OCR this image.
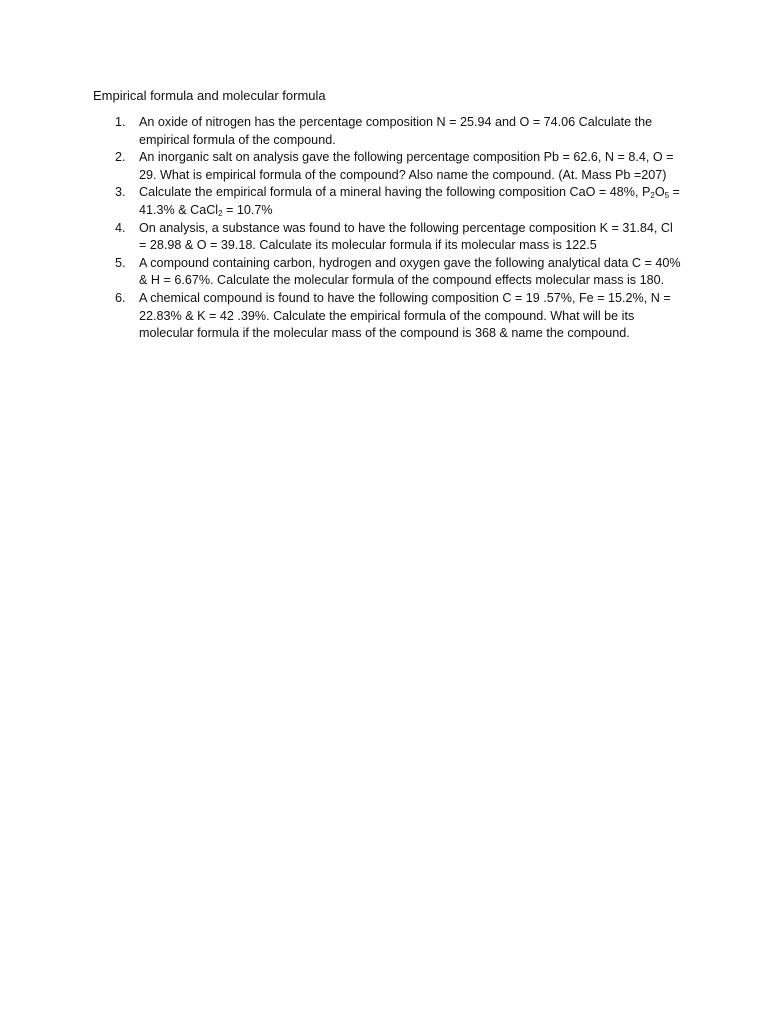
Empirical formula and molecular formula
1.	An oxide of nitrogen has the percentage composition N = 25.94 and O = 74.06 Calculate the empirical formula of the compound.
2.	An inorganic salt on analysis gave the following percentage composition Pb = 62.6, N = 8.4, O = 29. What is empirical formula of the compound? Also name the compound. (At. Mass Pb =207)
3.	Calculate the empirical formula of a mineral having the following composition CaO = 48%, $P_2O_5 = 41.3\%$ & CaCl$_2$ = 10.7%
4.	On analysis, a substance was found to have the following percentage composition K = 31.84, Cl = 28.98 & O = 39.18. Calculate its molecular formula if its molecular mass is 122.5
5.	A compound containing carbon, hydrogen and oxygen gave the following analytical data C = 40% & H = 6.67%. Calculate the molecular formula of the compound effects molecular mass is 180.
6.	A chemical compound is found to have the following composition C = 19 .57%, Fe = 15.2%, N = 22.83% & K = 42 .39%. Calculate the empirical formula of the compound. What will be its molecular formula if the molecular mass of the compound is 368 & name the compound.
